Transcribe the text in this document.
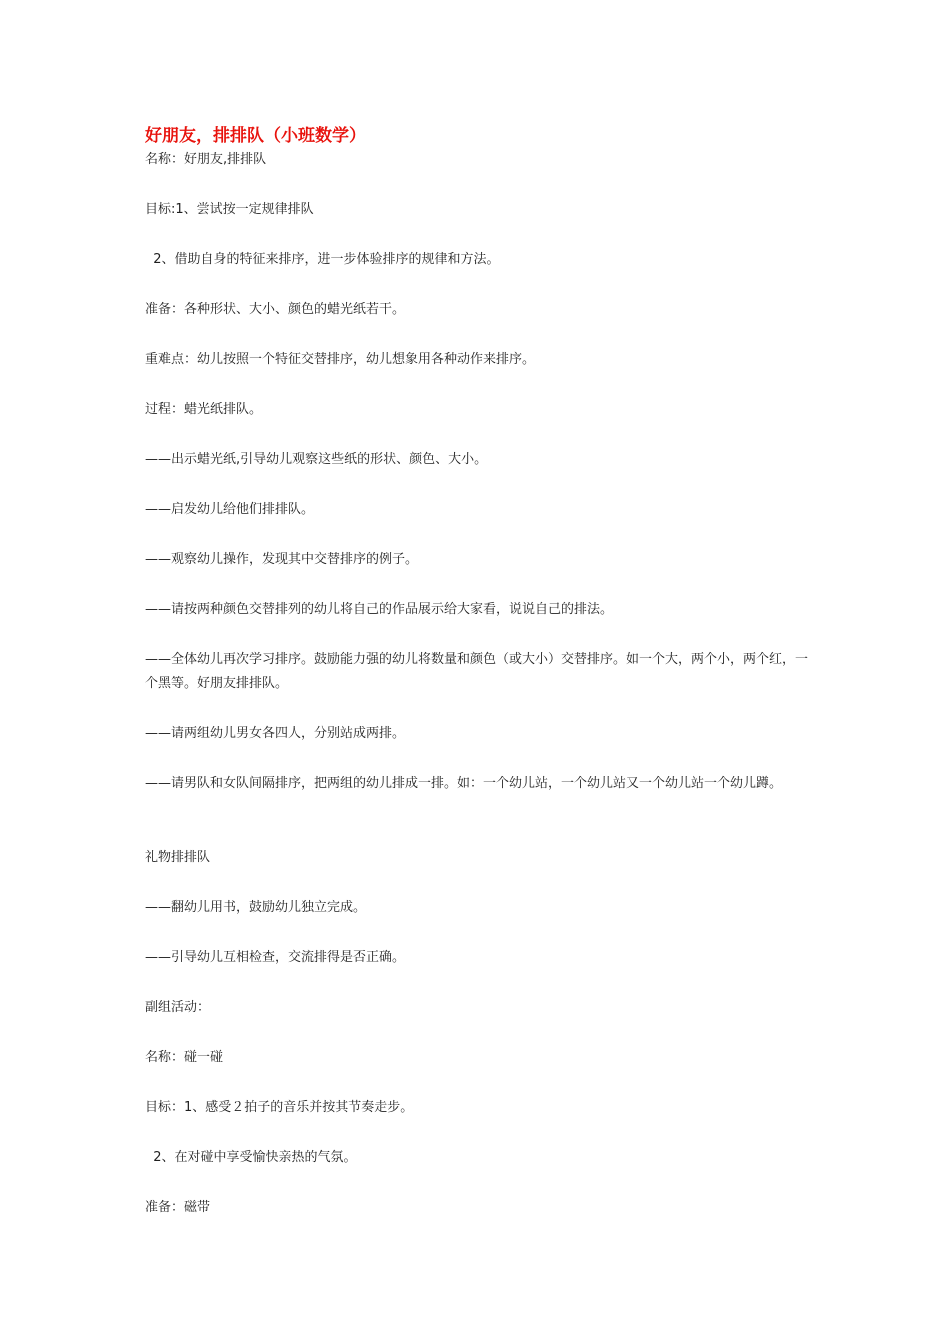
好朋友，排排队（小班数学）
名称：好朋友,排排队
目标:1、尝试按一定规律排队
2、借助自身的特征来排序，进一步体验排序的规律和方法。
准备：各种形状、大小、颜色的蜡光纸若干。
重难点：幼儿按照一个特征交替排序，幼儿想象用各种动作来排序。
过程：蜡光纸排队。
——出示蜡光纸,引导幼儿观察这些纸的形状、颜色、大小。
——启发幼儿给他们排排队。
——观察幼儿操作，发现其中交替排序的例子。
——请按两种颜色交替排列的幼儿将自己的作品展示给大家看，说说自己的排法。
——全体幼儿再次学习排序。鼓励能力强的幼儿将数量和颜色（或大小）交替排序。如一个大，两个小，两个红，一个黑等。好朋友排排队。
——请两组幼儿男女各四人，分别站成两排。
——请男队和女队间隔排序，把两组的幼儿排成一排。如：一个幼儿站，一个幼儿站又一个幼儿站一个幼儿蹲。
礼物排排队
——翻幼儿用书，鼓励幼儿独立完成。
——引导幼儿互相检查，交流排得是否正确。
副组活动：
名称：碰一碰
目标：1、感受２拍子的音乐并按其节奏走步。
2、在对碰中享受愉快亲热的气氛。
准备：磁带
